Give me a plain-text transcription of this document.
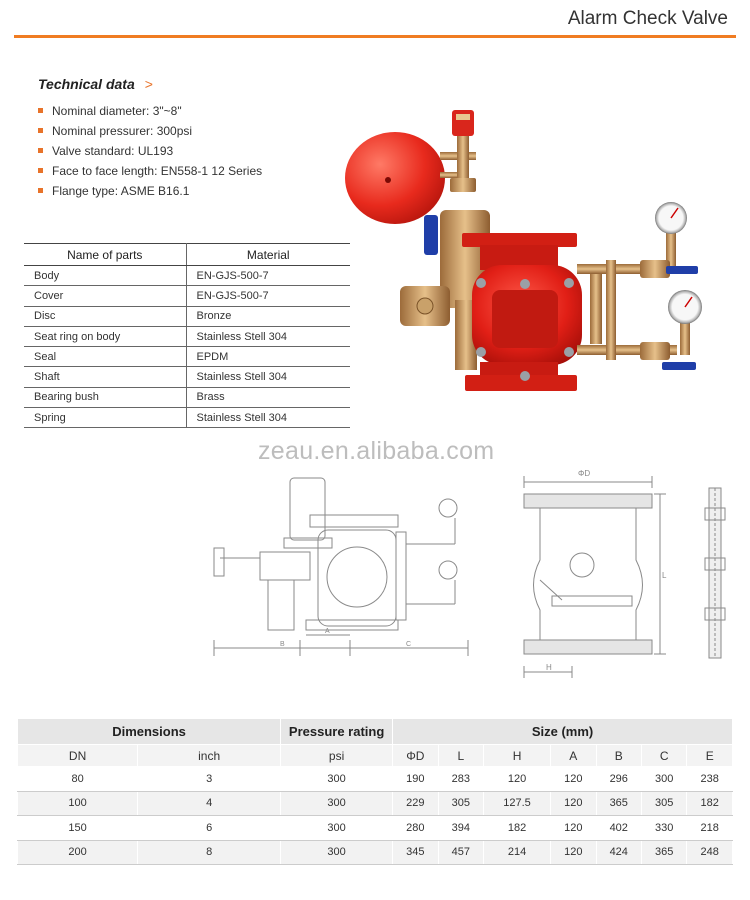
Alarm Check Valve
Technical data >
Nominal diameter: 3"~8"
Nominal pressurer: 300psi
Valve standard: UL193
Face to face length: EN558-1 12 Series
Flange type: ASME B16.1
Name of parts	Material
Body	EN-GJS-500-7
Cover	EN-GJS-500-7
Disc	Bronze
Seat ring on body	Stainless Stell 304
Seal	EPDM
Shaft	Stainless Stell 304
Bearing bush	Brass
Spring	Stainless Stell 304
zeau.en.alibaba.com
B
A
C
ΦD
L
H
Dimensions		Pressure rating	Size (mm)						
DN	inch	psi	ΦD	L	H	A	B	C	E
80	3	300	190	283	120	120	296	300	238
100	4	300	229	305	127.5	120	365	305	182
150	6	300	280	394	182	120	402	330	218
200	8	300	345	457	214	120	424	365	248
